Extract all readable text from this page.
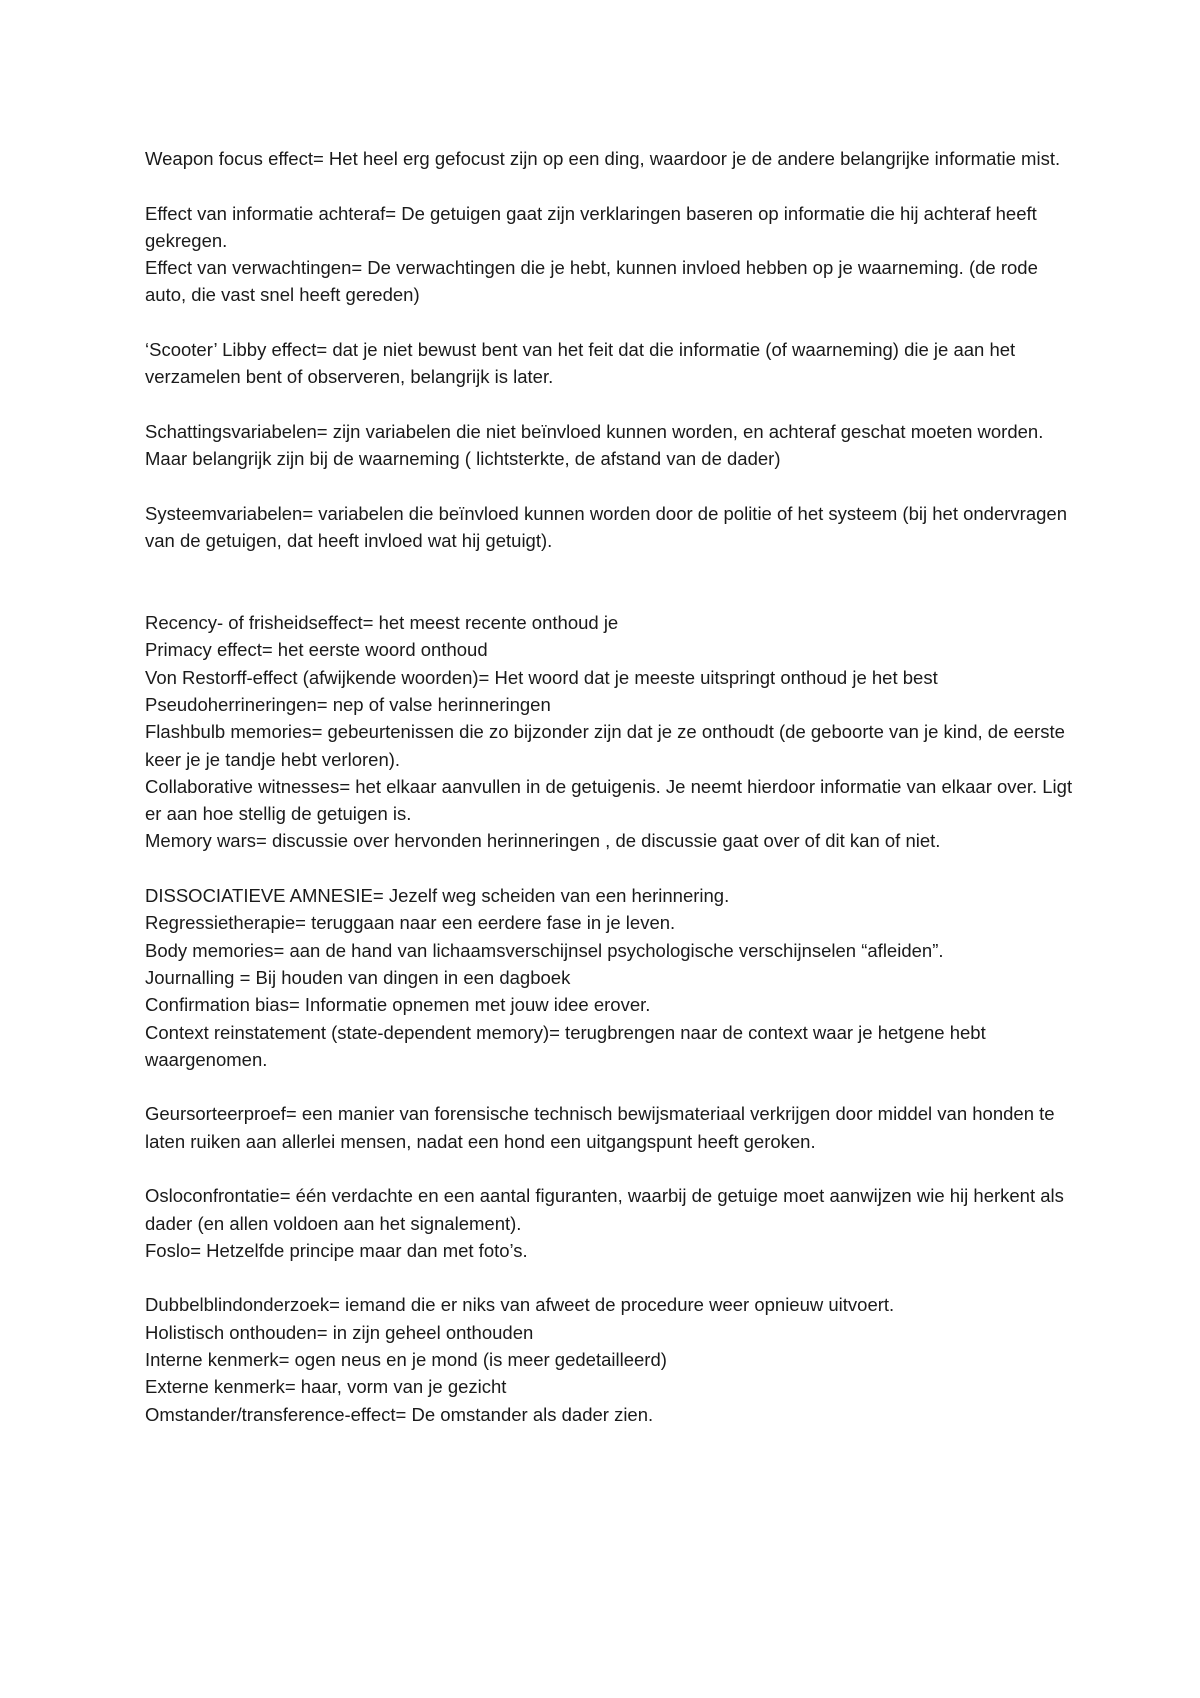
Weapon focus effect= Het heel erg gefocust zijn op een ding, waardoor je de andere belangrijke informatie mist.

Effect van informatie achteraf= De getuigen gaat zijn verklaringen baseren op informatie die hij achteraf heeft gekregen.

Effect van verwachtingen= De verwachtingen die je hebt, kunnen invloed hebben op je waarneming. (de rode auto, die vast snel heeft gereden)

‘Scooter’ Libby effect= dat je niet bewust bent van het feit dat die informatie (of waarneming) die je aan het verzamelen bent of observeren, belangrijk is later.

Schattingsvariabelen= zijn variabelen die niet beïnvloed kunnen worden, en achteraf geschat moeten worden. Maar belangrijk zijn bij de waarneming ( lichtsterkte, de afstand van de dader)

Systeemvariabelen= variabelen die beïnvloed kunnen worden door de politie of het systeem (bij het ondervragen van de getuigen, dat heeft invloed wat hij getuigt).

Recency- of frisheidseffect= het meest recente onthoud je

Primacy effect= het eerste woord onthoud

Von Restorff-effect (afwijkende woorden)= Het woord dat je meeste uitspringt onthoud je het best

Pseudoherrineringen= nep of valse herinneringen

Flashbulb memories= gebeurtenissen die zo bijzonder zijn dat je ze onthoudt (de geboorte van je kind, de eerste keer je je tandje hebt verloren).

Collaborative witnesses= het elkaar aanvullen in de getuigenis. Je neemt hierdoor informatie van elkaar over. Ligt er aan hoe stellig de getuigen is.

Memory wars= discussie over hervonden herinneringen , de discussie gaat over of dit kan of niet.

DISSOCIATIEVE AMNESIE= Jezelf weg scheiden van een herinnering.

Regressietherapie= teruggaan naar een eerdere fase in je leven.

Body memories= aan de hand van lichaamsverschijnsel psychologische verschijnselen “afleiden”.

Journalling = Bij houden van dingen in een dagboek

Confirmation bias= Informatie opnemen met jouw idee erover.

Context reinstatement (state-dependent memory)= terugbrengen naar de context waar je hetgene hebt waargenomen.

Geursorteerproef= een manier van forensische technisch bewijsmateriaal verkrijgen door middel van honden te laten ruiken aan allerlei mensen, nadat een hond een uitgangspunt heeft geroken.

Osloconfrontatie= één verdachte en een aantal figuranten, waarbij de getuige moet aanwijzen wie hij herkent als dader (en allen voldoen aan het signalement).

Foslo= Hetzelfde principe maar dan met foto’s.

Dubbelblindonderzoek= iemand die er niks van afweet de procedure weer opnieuw uitvoert.

Holistisch onthouden= in zijn geheel onthouden

Interne kenmerk= ogen neus en je mond (is meer gedetailleerd)

Externe kenmerk= haar, vorm van je gezicht

Omstander/transference-effect= De omstander als dader zien.
